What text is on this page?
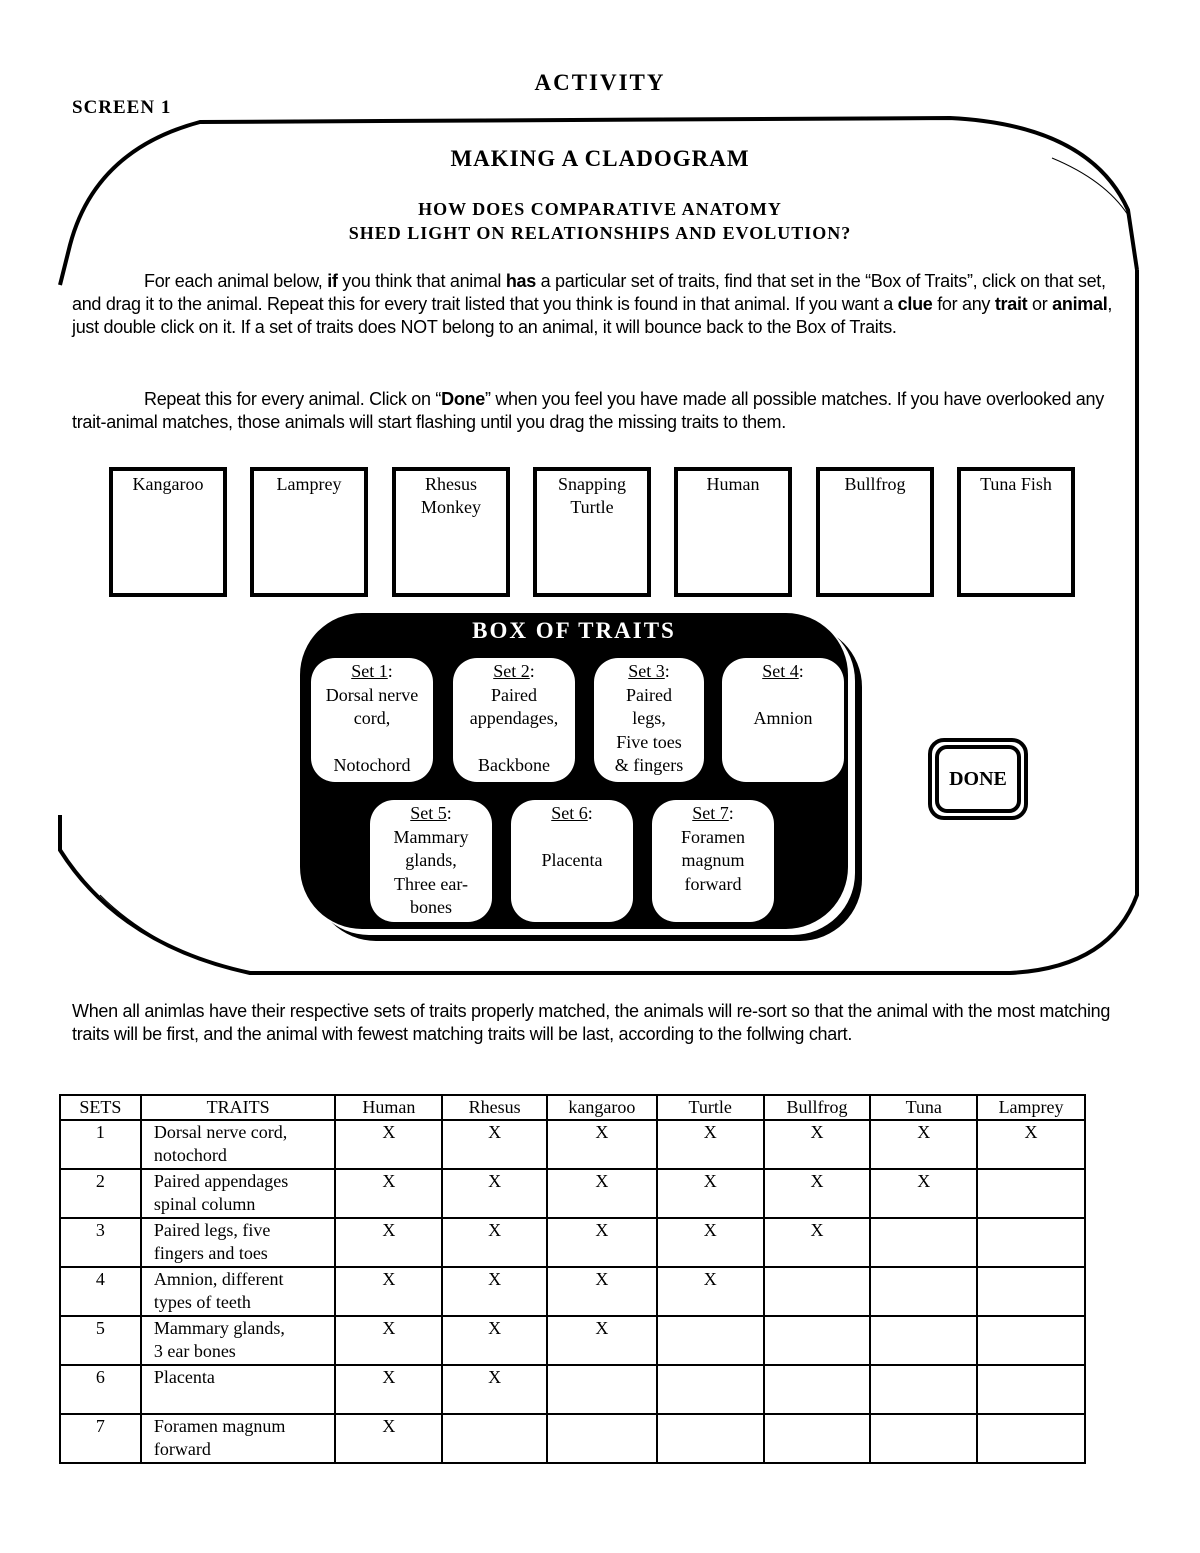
ACTIVITY
SCREEN 1
MAKING A CLADOGRAM
HOW DOES COMPARATIVE ANATOMY
SHED LIGHT ON RELATIONSHIPS AND EVOLUTION?
For each animal below, if you think that animal has a particular set of traits, find that set in the “Box of Traits”, click on that set, and drag it to the animal. Repeat this for every trait listed that you think is found in that animal. If you want a clue for any trait or animal, just double click on it. If a set of traits does NOT belong to an animal, it will bounce back to the Box of Traits.
Repeat this for every animal. Click on “Done” when you feel you have made all possible matches. If you have overlooked any trait-animal matches, those animals will start flashing until you drag the missing traits to them.
Kangaroo	Lamprey	Rhesus
Monkey
Snapping
Turtle
Human	Bullfrog	Tuna Fish
BOX OF TRAITS
Set 1:
Dorsal nerve
cord,
Notochord
Set 2:
Paired
appendages,
Backbone
Set 3:
Paired
legs,
Five toes
& fingers
Set 4:
Amnion
Set 5:
Mammary
glands,
Three ear-
bones
Set 6:
Placenta
Set 7:
Foramen
magnum
forward
DONE
When all animlas have their respective sets of traits properly matched, the animals will re-sort so that the animal with the most matching traits will be first, and the animal with fewest matching traits will be last, according to the follwing chart.
SETS	TRAITS	Human	Rhesus	kangaroo	Turtle	Bullfrog	Tuna	Lamprey
1	Dorsal nerve cord,
notochord	X	X	X	X	X	X	X
2	Paired appendages
spinal column	X	X	X	X	X	X	
3	Paired legs, five
fingers and toes	X	X	X	X	X		
4	Amnion, different
types of teeth	X	X	X	X			
5	Mammary glands,
3 ear bones	X	X	X				
6	Placenta	X	X					
7	Foramen magnum
forward	X						
